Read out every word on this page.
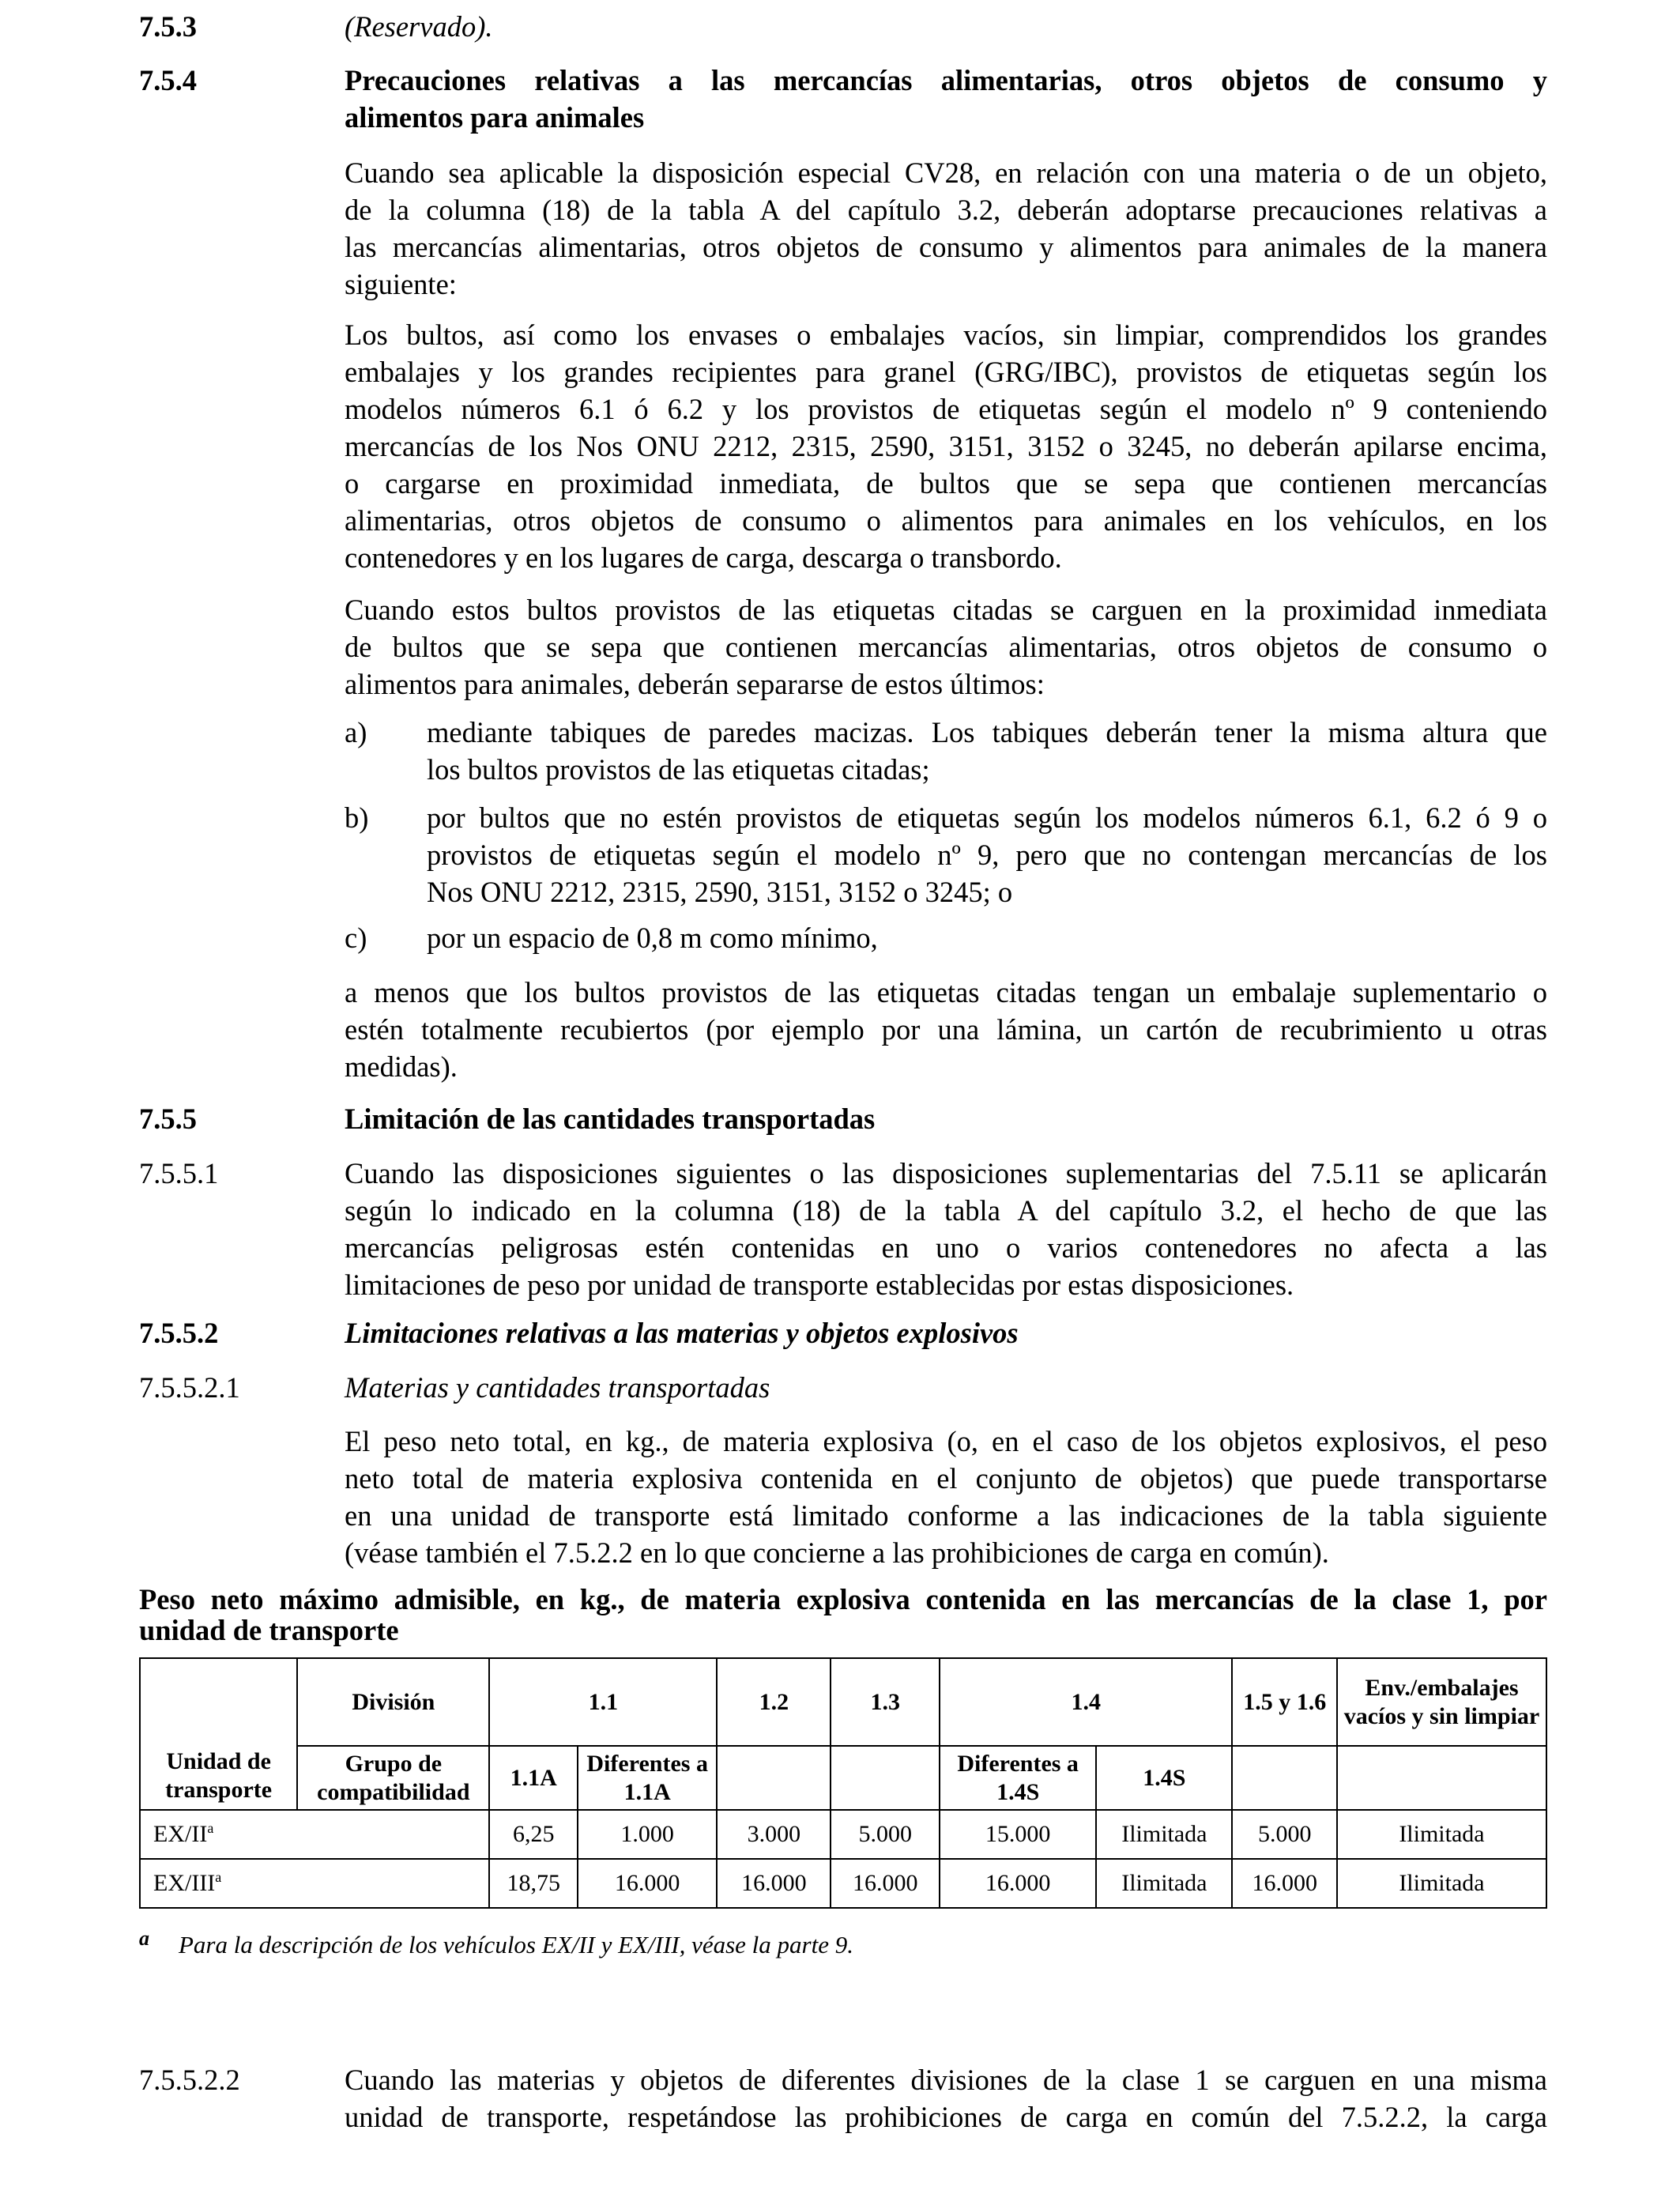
7.5.3	(Reservado).
7.5.4	Precauciones relativas a las mercancías alimentarias, otros objetos de consumo y

alimentos para animales

Cuando sea aplicable la disposición especial CV28, en relación con una materia o de un objeto,

de la columna (18) de la tabla A del capítulo 3.2, deberán adoptarse precauciones relativas a

las mercancías alimentarias, otros objetos de consumo y alimentos para animales de la manera

siguiente:

Los bultos, así como los envases o embalajes vacíos, sin limpiar, comprendidos los grandes

embalajes y los grandes recipientes para granel (GRG/IBC), provistos de etiquetas según los

modelos números 6.1 ó 6.2 y los provistos de etiquetas según el modelo nº 9 conteniendo

mercancías de los Nos ONU 2212, 2315, 2590, 3151, 3152 o 3245, no deberán apilarse encima,

o cargarse en proximidad inmediata, de bultos que se sepa que contienen mercancías

alimentarias, otros objetos de consumo o alimentos para animales en los vehículos, en los

contenedores y en los lugares de carga, descarga o transbordo.

Cuando estos bultos provistos de las etiquetas citadas se carguen en la proximidad inmediata

de bultos que se sepa que contienen mercancías alimentarias, otros objetos de consumo o

alimentos para animales, deberán separarse de estos últimos:

a)	mediante tabiques de paredes macizas. Los tabiques deberán tener la misma altura que

los bultos provistos de las etiquetas citadas;

b)	por bultos que no estén provistos de etiquetas según los modelos números 6.1, 6.2 ó 9 o

provistos de etiquetas según el modelo nº 9, pero que no contengan mercancías de los

Nos ONU 2212, 2315, 2590, 3151, 3152 o 3245; o

c)	por un espacio de 0,8 m como mínimo,

a menos que los bultos provistos de las etiquetas citadas tengan un embalaje suplementario o

estén totalmente recubiertos (por ejemplo por una lámina, un cartón de recubrimiento u otras

medidas).

7.5.5	Limitación de las cantidades transportadas
7.5.5.1	Cuando las disposiciones siguientes o las disposiciones suplementarias del 7.5.11 se aplicarán

según lo indicado en la columna (18) de la tabla A del capítulo 3.2, el hecho de que las

mercancías peligrosas estén contenidas en uno o varios contenedores no afecta a las

limitaciones de peso por unidad de transporte establecidas por estas disposiciones.

7.5.5.2	Limitaciones relativas a las materias y objetos explosivos
7.5.5.2.1	Materias y cantidades transportadas

El peso neto total, en kg., de materia explosiva (o, en el caso de los objetos explosivos, el peso

neto total de materia explosiva contenida en el conjunto de objetos) que puede transportarse

en una unidad de transporte está limitado conforme a las indicaciones de la tabla siguiente

(véase también el 7.5.2.2 en lo que concierne a las prohibiciones de carga en común).

Peso neto máximo admisible, en kg., de materia explosiva contenida en las mercancías de la clase 1, por

unidad de transporte

Unidad de transporte	División	1.1		1.2	1.3	1.4		1.5 y 1.6	Env./embalajes vacíos y sin limpiar
	Grupo de compatibilidad	1.1A	Diferentes a 1.1A			Diferentes a 1.4S	1.4S		
$EX/II^a$		6,25	1.000	3.000	5.000	15.000	Ilimitada	5.000	Ilimitada
EX/III$^a$		18,75	16.000	16.000	16.000	16.000	Ilimitada	16.000	Ilimitada
a Para la descripción de los vehículos EX/II y EX/III, véase la parte 9.
7.5.5.2.2	Cuando las materias y objetos de diferentes divisiones de la clase 1 se carguen en una misma

unidad de transporte, respetándose las prohibiciones de carga en común del 7.5.2.2, la carga
